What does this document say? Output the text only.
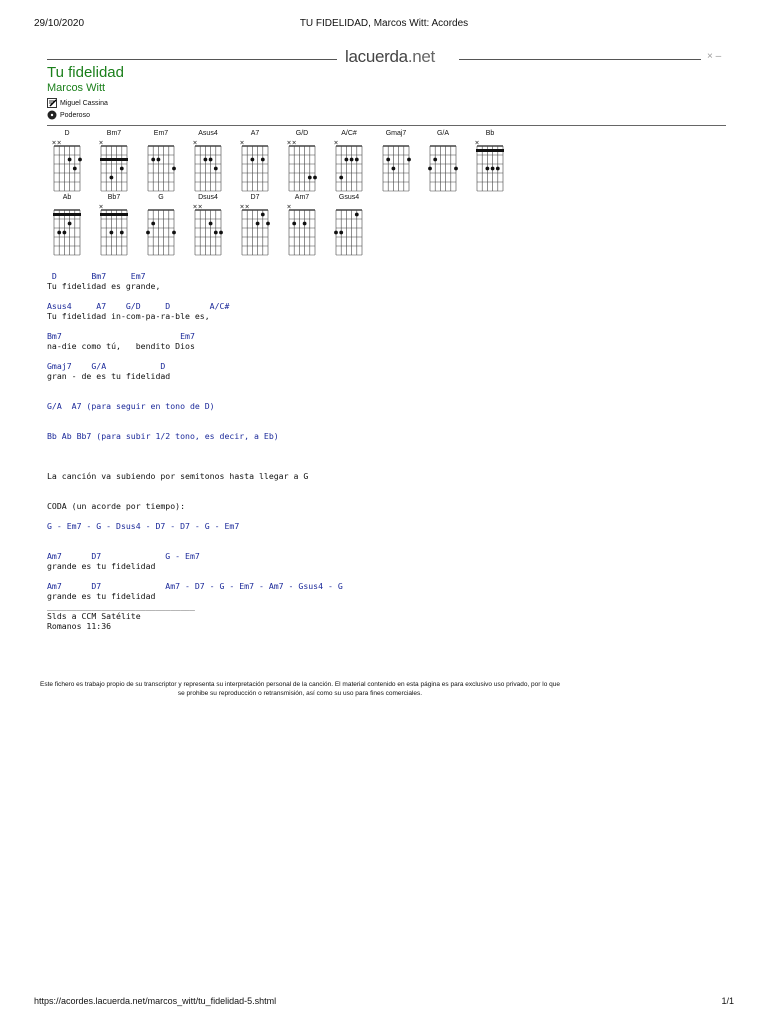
29/10/2020	TU FIDELIDAD, Marcos Witt: Acordes
lacuerda.net	× –
Tu fidelidad
Marcos Witt
Miguel Cassina
Poderoso
D
× ×
Bm7
×
Em7	Asus4
×
A7
×
G/D
× ×
A/C#
×
Gmaj7	G/A	Bb
×
Ab	Bb7
×
G	Dsus4
× ×
D7
× ×
Am7
×
Gsus4
D       Bm7     Em7
Tu fidelidad es grande,

Asus4     A7    G/D     D        A/C#
Tu fidelidad in-com-pa-ra-ble es,

Bm7                        Em7
na-die como tú,   bendito Dios

Gmaj7    G/A           D
gran - de es tu fidelidad

G/A  A7 (para seguir en tono de D)

Bb Ab Bb7 (para subir 1/2 tono, es decir, a Eb)

La canción va subiendo por semitonos hasta llegar a G

CODA (un acorde por tiempo):

G - Em7 - G - Dsus4 - D7 - D7 - G - Em7

Am7      D7             G - Em7
grande es tu fidelidad

Am7      D7             Am7 - D7 - G - Em7 - Am7 - Gsus4 - G
grande es tu fidelidad
______________________________
Slds a CCM Satélite
Romanos 11:36
Este fichero es trabajo propio de su transcriptor y representa su interpretación personal de la canción. El material contenido en esta página es para exclusivo uso privado, por lo que se prohibe su reproducción o retransmisión, así como su uso para fines comerciales.
https://acordes.lacuerda.net/marcos_witt/tu_fidelidad-5.shtml	1/1
